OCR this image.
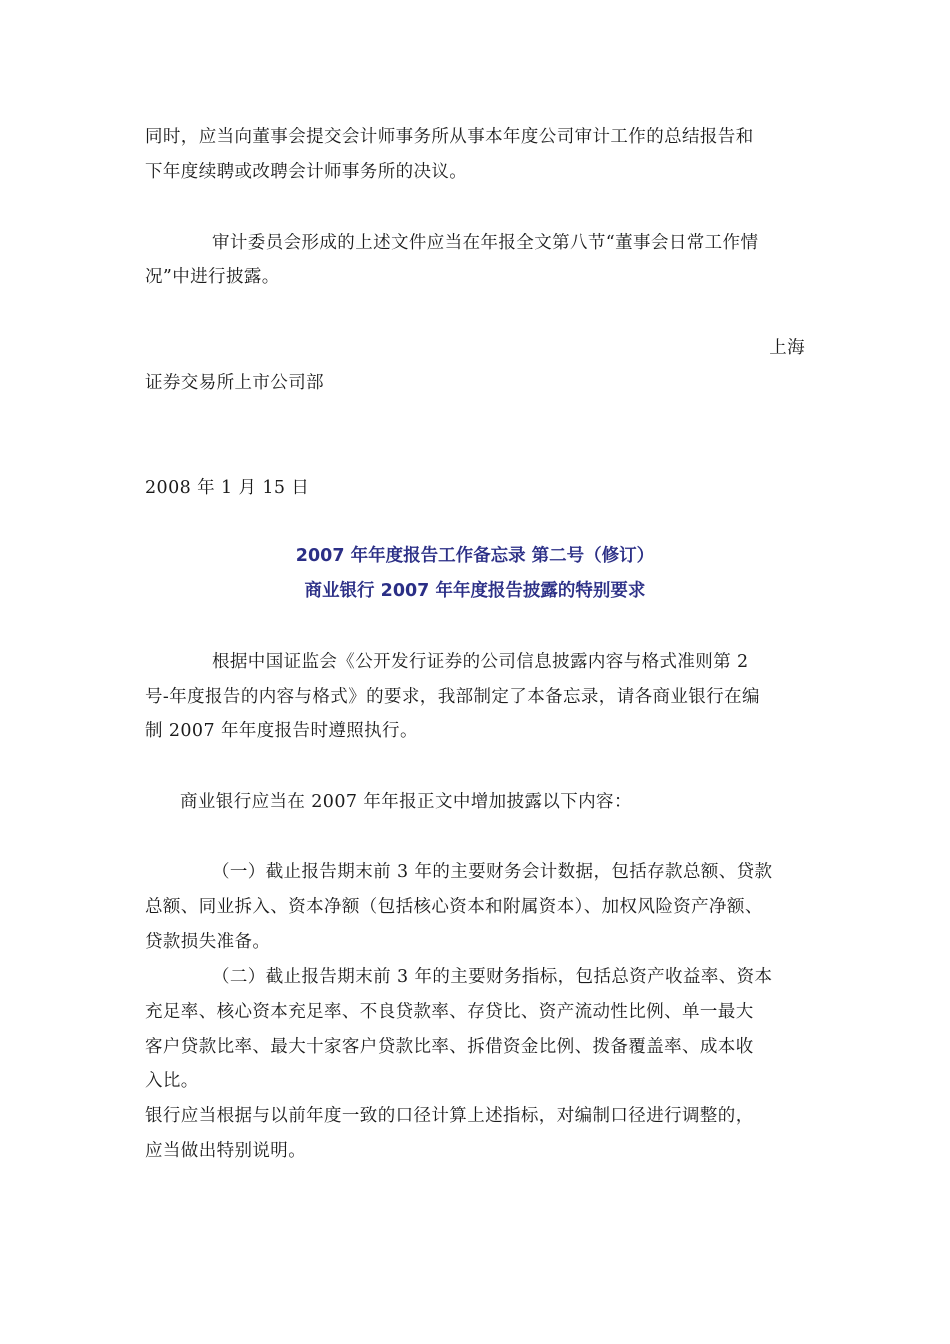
同时，应当向董事会提交会计师事务所从事本年度公司审计工作的总结报告和
下年度续聘或改聘会计师事务所的决议。
审计委员会形成的上述文件应当在年报全文第八节“董事会日常工作情
况”中进行披露。
上海
证券交易所上市公司部
2008 年 1 月 15 日
2007 年年度报告工作备忘录 第二号（修订）
商业银行 2007 年年度报告披露的特别要求
根据中国证监会《公开发行证券的公司信息披露内容与格式准则第 2
号-年度报告的内容与格式》的要求，我部制定了本备忘录，请各商业银行在编
制 2007 年年度报告时遵照执行。
商业银行应当在 2007 年年报正文中增加披露以下内容：
（一）截止报告期末前 3 年的主要财务会计数据，包括存款总额、贷款
总额、同业拆入、资本净额（包括核心资本和附属资本）、加权风险资产净额、
贷款损失准备。
（二）截止报告期末前 3 年的主要财务指标，包括总资产收益率、资本
充足率、核心资本充足率、不良贷款率、存贷比、资产流动性比例、单一最大
客户贷款比率、最大十家客户贷款比率、拆借资金比例、拨备覆盖率、成本收
入比。
银行应当根据与以前年度一致的口径计算上述指标，对编制口径进行调整的，
应当做出特别说明。
